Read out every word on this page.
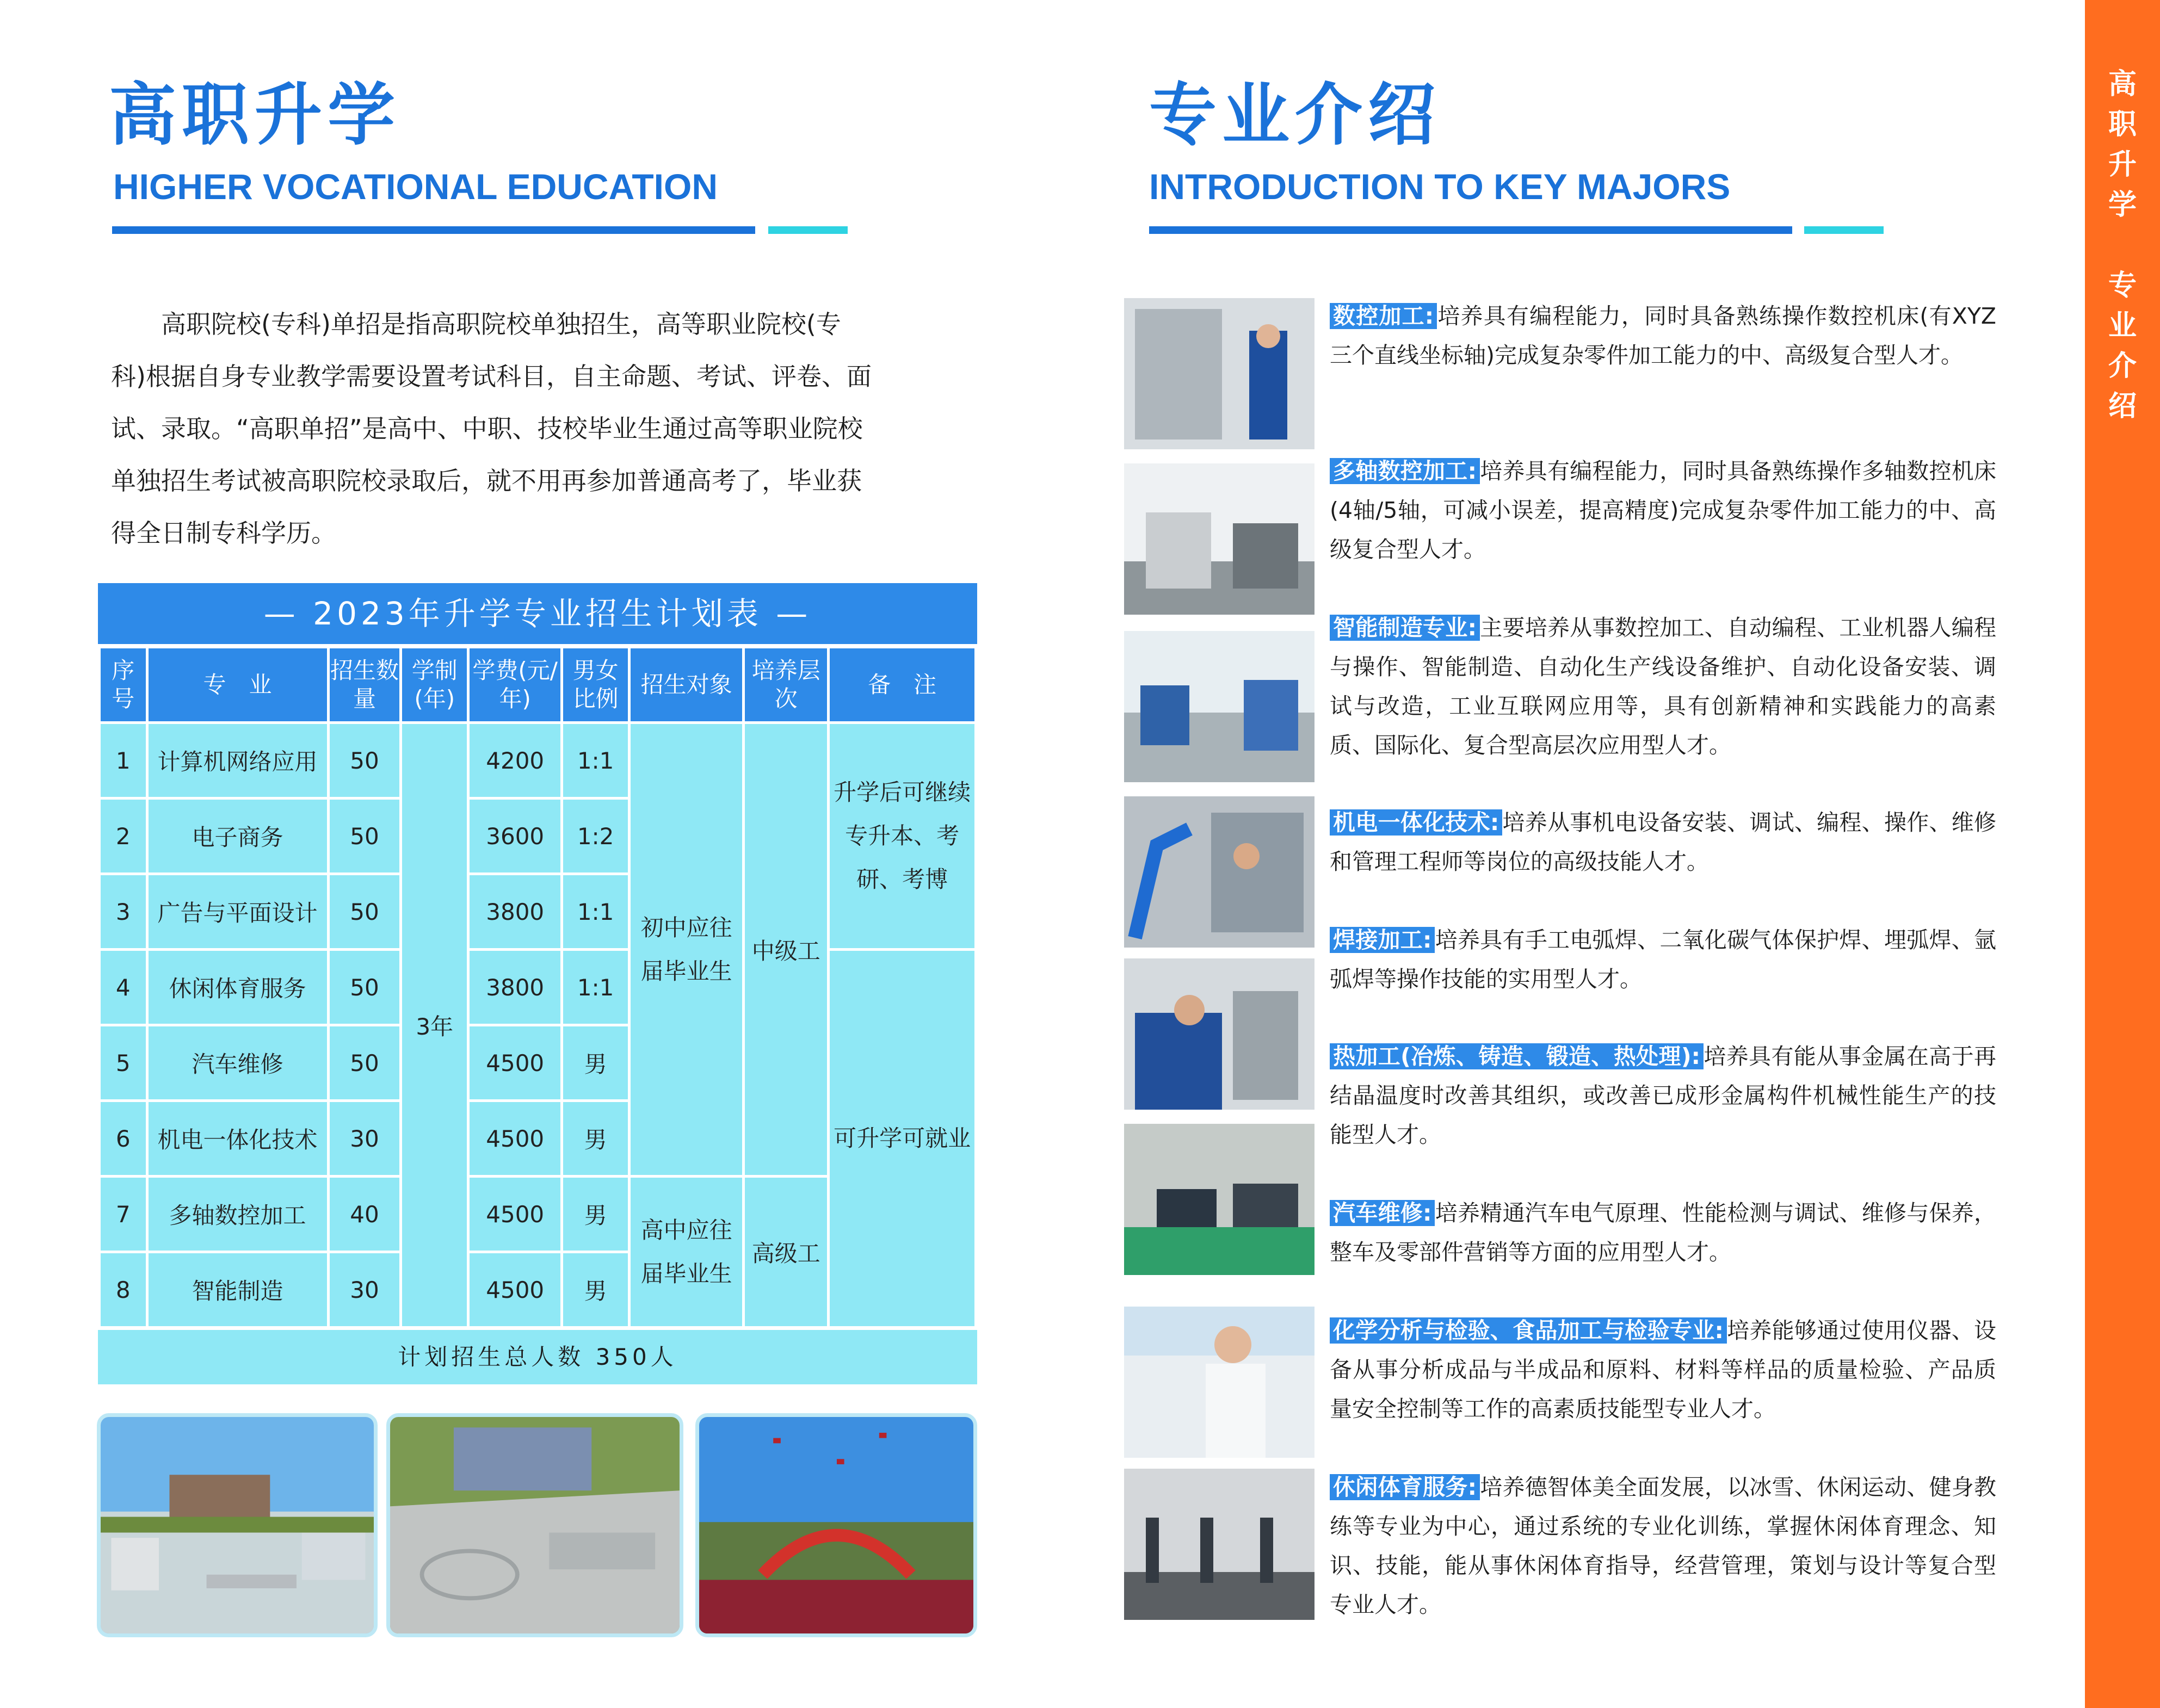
高职升学
HIGHER VOCATIONAL EDUCATION
　　高职院校(专科)单招是指高职院校单独招生，高等职业院校(专
科)根据自身专业教学需要设置考试科目，自主命题、考试、评卷、面
试、录取。“高职单招”是高中、中职、技校毕业生通过高等职业院校
单独招生考试被高职院校录取后，就不用再参加普通高考了，毕业获
得全日制专科学历。
— 2023年升学专业招生计划表 —
序号	专　业	招生数量	学制(年)	学费(元/年)	男女比例	招生对象	培养层次	备　注
1	计算机网络应用	50	3年	4200	1:1	初中应往届毕业生	中级工	升学后可继续专升本、考研、考博
2	电子商务	50		3600	1:2			
3	广告与平面设计	50		3800	1:1			
4	休闲体育服务	50		3800	1:1			可升学可就业
5	汽车维修	50		4500	男			
6	机电一体化技术	30		4500	男			
7	多轴数控加工	40		4500	男	高中应往届毕业生	高级工	
8	智能制造	30		4500	男			
计划招生总人数 350人
专业介绍
INTRODUCTION TO KEY MAJORS
数控加工: 培养具有编程能力，同时具备熟练操作数控机床(有XYZ三个直线坐标轴)完成复杂零件加工能力的中、高级复合型人才。
多轴数控加工: 培养具有编程能力，同时具备熟练操作多轴数控机床(4轴/5轴，可减小误差，提高精度)完成复杂零件加工能力的中、高级复合型人才。
智能制造专业: 主要培养从事数控加工、自动编程、工业机器人编程与操作、智能制造、自动化生产线设备维护、自动化设备安装、调试与改造，工业互联网应用等，具有创新精神和实践能力的高素质、国际化、复合型高层次应用型人才。
机电一体化技术: 培养从事机电设备安装、调试、编程、操作、维修和管理工程师等岗位的高级技能人才。
焊接加工: 培养具有手工电弧焊、二氧化碳气体保护焊、埋弧焊、氩弧焊等操作技能的实用型人才。
热加工(冶炼、铸造、锻造、热处理): 培养具有能从事金属在高于再结晶温度时改善其组织，或改善已成形金属构件机械性能生产的技能型人才。
汽车维修: 培养精通汽车电气原理、性能检测与调试、维修与保养，整车及零部件营销等方面的应用型人才。
化学分析与检验、食品加工与检验专业: 培养能够通过使用仪器、设备从事分析成品与半成品和原料、材料等样品的质量检验、产品质量安全控制等工作的高素质技能型专业人才。
休闲体育服务: 培养德智体美全面发展，以冰雪、休闲运动、健身教练等专业为中心，通过系统的专业化训练，掌握休闲体育理念、知识、技能，能从事休闲体育指导，经营管理，策划与设计等复合型专业人才。
高
职
升
学
专
业
介
绍
